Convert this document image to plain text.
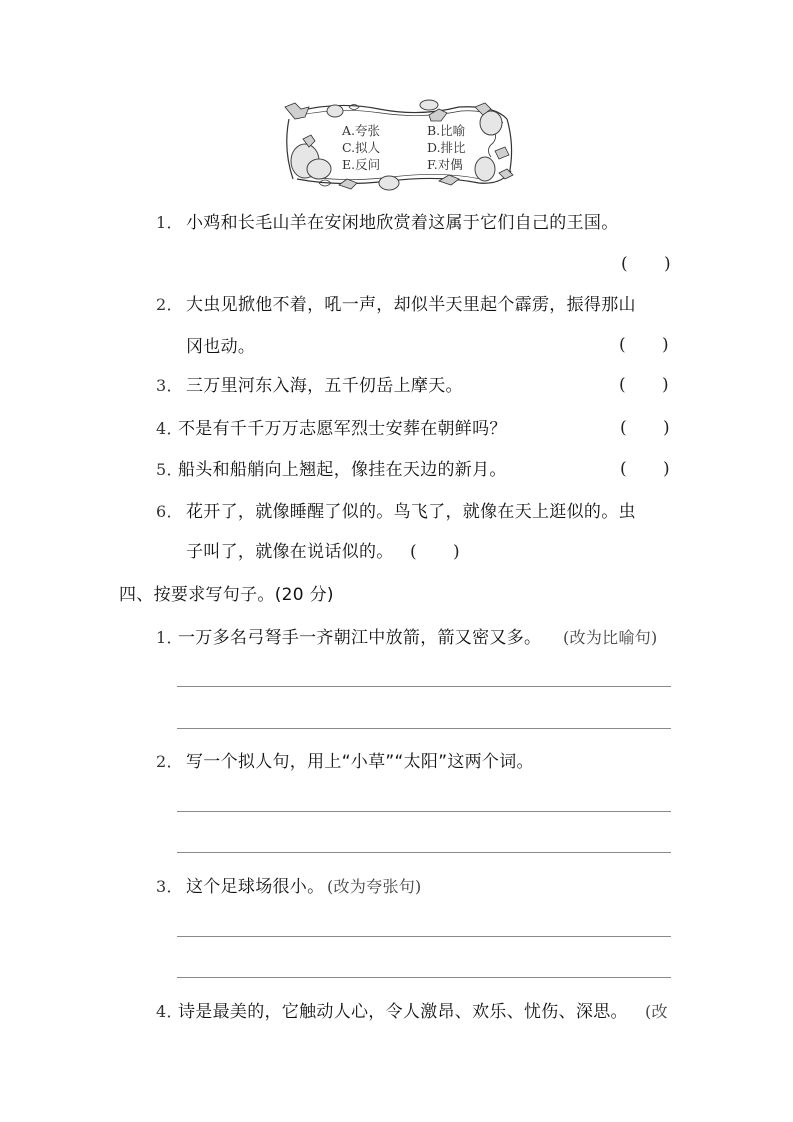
A.夸张	B.比喻
C.拟人	D.排比
E.反问	F.对偶
1． 小鸡和长毛山羊在安闲地欣赏着这属于它们自己的王国。
( )
2． 大虫见掀他不着，吼一声，却似半天里起个霹雳，振得那山
冈也动。	( )
3． 三万里河东入海，五千仞岳上摩天。	( )
4．
不是有千千万万志愿军烈士安葬在朝鲜吗？	( )
5．
船头和船艄向上翘起，像挂在天边的新月。	( )
6． 花开了，就像睡醒了似的。鸟飞了，就像在天上逛似的。虫
子叫了，就像在说话似的。 ( )
四、按要求写句子。(20 分)
1．
一万多名弓弩手一齐朝江中放箭，箭又密又多。 (改为比喻句)
2． 写一个拟人句，用上“小草”“太阳”这两个词。
3． 这个足球场很小。 (改为夸张句)
4．
诗是最美的，它触动人心，令人激昂、欢乐、忧伤、深思。 (改
